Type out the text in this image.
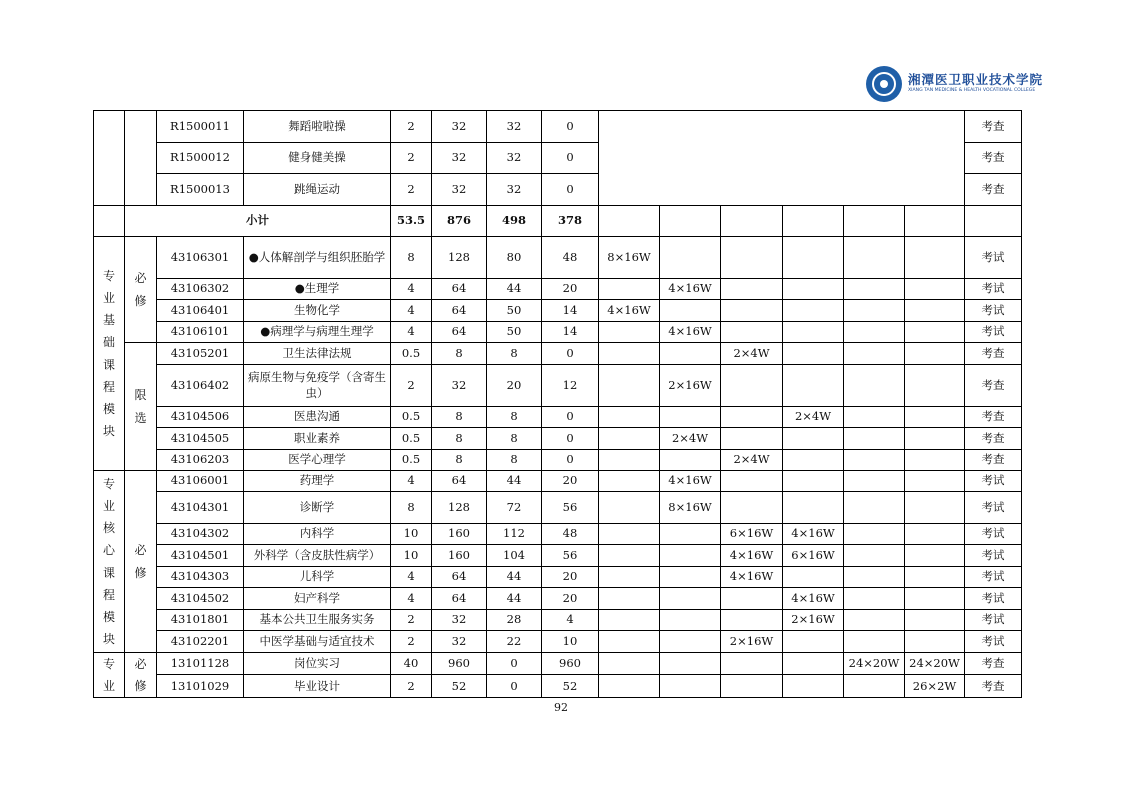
湘潭医卫职业技术学院
XIANG TAN MEDICINE & HEALTH VOCATIONAL COLLEGE
		R1500011	舞蹈啦啦操	2	32	32	0							考查
		R1500012	健身健美操	2	32	32	0							考查
		R1500013	跳绳运动	2	32	32	0							考查
	小计			53.5	876	498	378							
专业基础课程模块	必修	43106301	●人体解剖学与组织胚胎学	8	128	80	48	8×16W						考试
		43106302	●生理学	4	64	44	20		4×16W					考试
		43106401	生物化学	4	64	50	14	4×16W						考试
		43106101	●病理学与病理生理学	4	64	50	14		4×16W					考试
	限选	43105201	卫生法律法规	0.5	8	8	0			2×4W				考查
		43106402	病原生物与免疫学（含寄生虫）	2	32	20	12		2×16W					考查
		43104506	医患沟通	0.5	8	8	0				2×4W			考查
		43104505	职业素养	0.5	8	8	0		2×4W					考查
		43106203	医学心理学	0.5	8	8	0			2×4W				考查
专业核心课程模块	必修	43106001	药理学	4	64	44	20		4×16W					考试
		43104301	诊断学	8	128	72	56		8×16W					考试
		43104302	内科学	10	160	112	48			6×16W	4×16W			考试
		43104501	外科学（含皮肤性病学）	10	160	104	56			4×16W	6×16W			考试
		43104303	儿科学	4	64	44	20			4×16W				考试
		43104502	妇产科学	4	64	44	20				4×16W			考试
		43101801	基本公共卫生服务实务	2	32	28	4				2×16W			考试
		43102201	中医学基础与适宜技术	2	32	22	10			2×16W				考试
专业	必修	13101128	岗位实习	40	960	0	960					24×20W	24×20W	考查
		13101029	毕业设计	2	52	0	52						26×2W	考查
92
